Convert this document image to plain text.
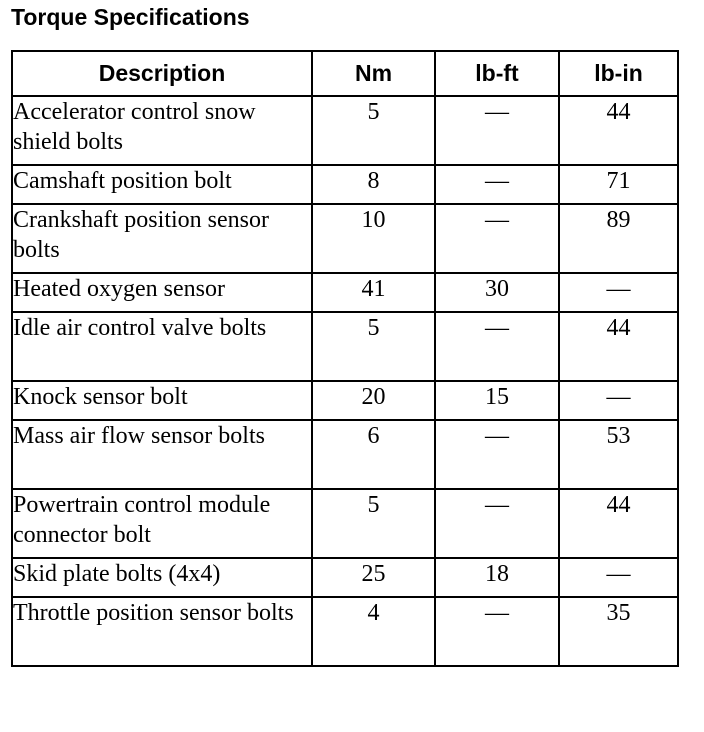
Torque Specifications
Description	Nm	lb-ft	lb-in
Accelerator control snow shield bolts	5	—	44
Camshaft position bolt	8	—	71
Crankshaft position sensor bolts	10	—	89
Heated oxygen sensor	41	30	—
Idle air control valve bolts	5	—	44
Knock sensor bolt	20	15	—
Mass air flow sensor bolts	6	—	53
Powertrain control module connector bolt	5	—	44
Skid plate bolts (4x4)	25	18	—
Throttle position sensor bolts	4	—	35
